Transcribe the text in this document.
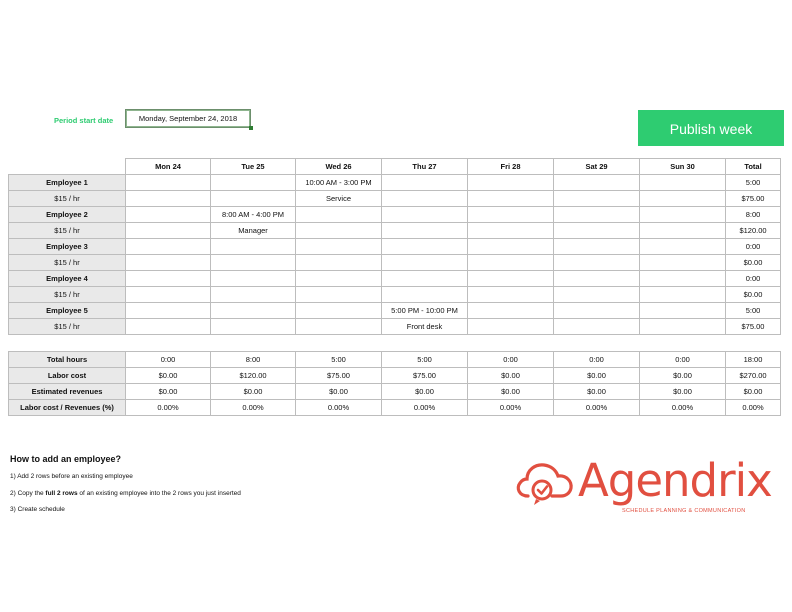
Period start date	Monday, September 24, 2018
Publish week
	Mon 24	Tue 25	Wed 26	Thu 27	Fri 28	Sat 29	Sun 30	Total
Employee 1			10:00 AM - 3:00 PM					5:00
$15 / hr			Service					$75.00
Employee 2		8:00 AM - 4:00 PM						8:00
$15 / hr		Manager						$120.00
Employee 3								0:00
$15 / hr								$0.00
Employee 4								0:00
$15 / hr								$0.00
Employee 5				5:00 PM - 10:00 PM				5:00
$15 / hr				Front desk				$75.00
Total hours	0:00	8:00	5:00	5:00	0:00	0:00	0:00	18:00
Labor cost	$0.00	$120.00	$75.00	$75.00	$0.00	$0.00	$0.00	$270.00
Estimated revenues	$0.00	$0.00	$0.00	$0.00	$0.00	$0.00	$0.00	$0.00
Labor cost / Revenues (%)	0.00%	0.00%	0.00%	0.00%	0.00%	0.00%	0.00%	0.00%
How to add an employee?
1) Add 2 rows before an existing employee
2) Copy the full 2 rows of an existing employee into the 2 rows you just inserted
3) Create schedule
Agendrix
SCHEDULE PLANNING & COMMUNICATION
